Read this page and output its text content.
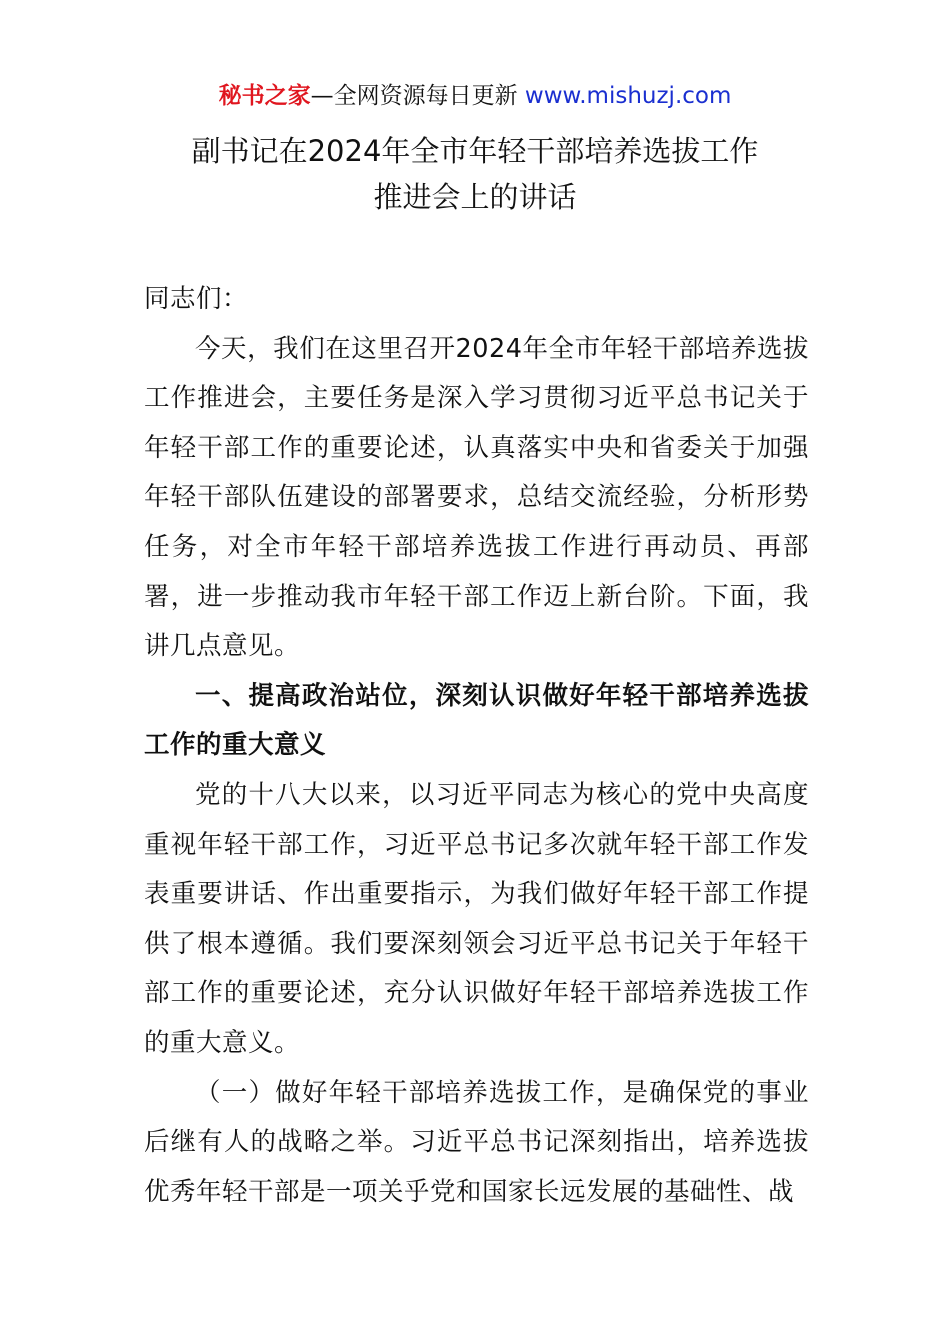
秘书之家—全网资源每日更新 www.mishuzj.com
副书记在2024年全市年轻干部培养选拔工作
推进会上的讲话

同志们：

今天，我们在这里召开2024年全市年轻干部培养选拔工作推进会，主要任务是深入学习贯彻习近平总书记关于年轻干部工作的重要论述，认真落实中央和省委关于加强年轻干部队伍建设的部署要求，总结交流经验，分析形势任务，对全市年轻干部培养选拔工作进行再动员、再部署，进一步推动我市年轻干部工作迈上新台阶。下面，我讲几点意见。

一、提高政治站位，深刻认识做好年轻干部培养选拔工作的重大意义

党的十八大以来，以习近平同志为核心的党中央高度重视年轻干部工作，习近平总书记多次就年轻干部工作发表重要讲话、作出重要指示，为我们做好年轻干部工作提供了根本遵循。我们要深刻领会习近平总书记关于年轻干部工作的重要论述，充分认识做好年轻干部培养选拔工作的重大意义。

（一）做好年轻干部培养选拔工作，是确保党的事业后继有人的战略之举。习近平总书记深刻指出，培养选拔优秀年轻干部是一项关乎党和国家长远发展的基础性、战
